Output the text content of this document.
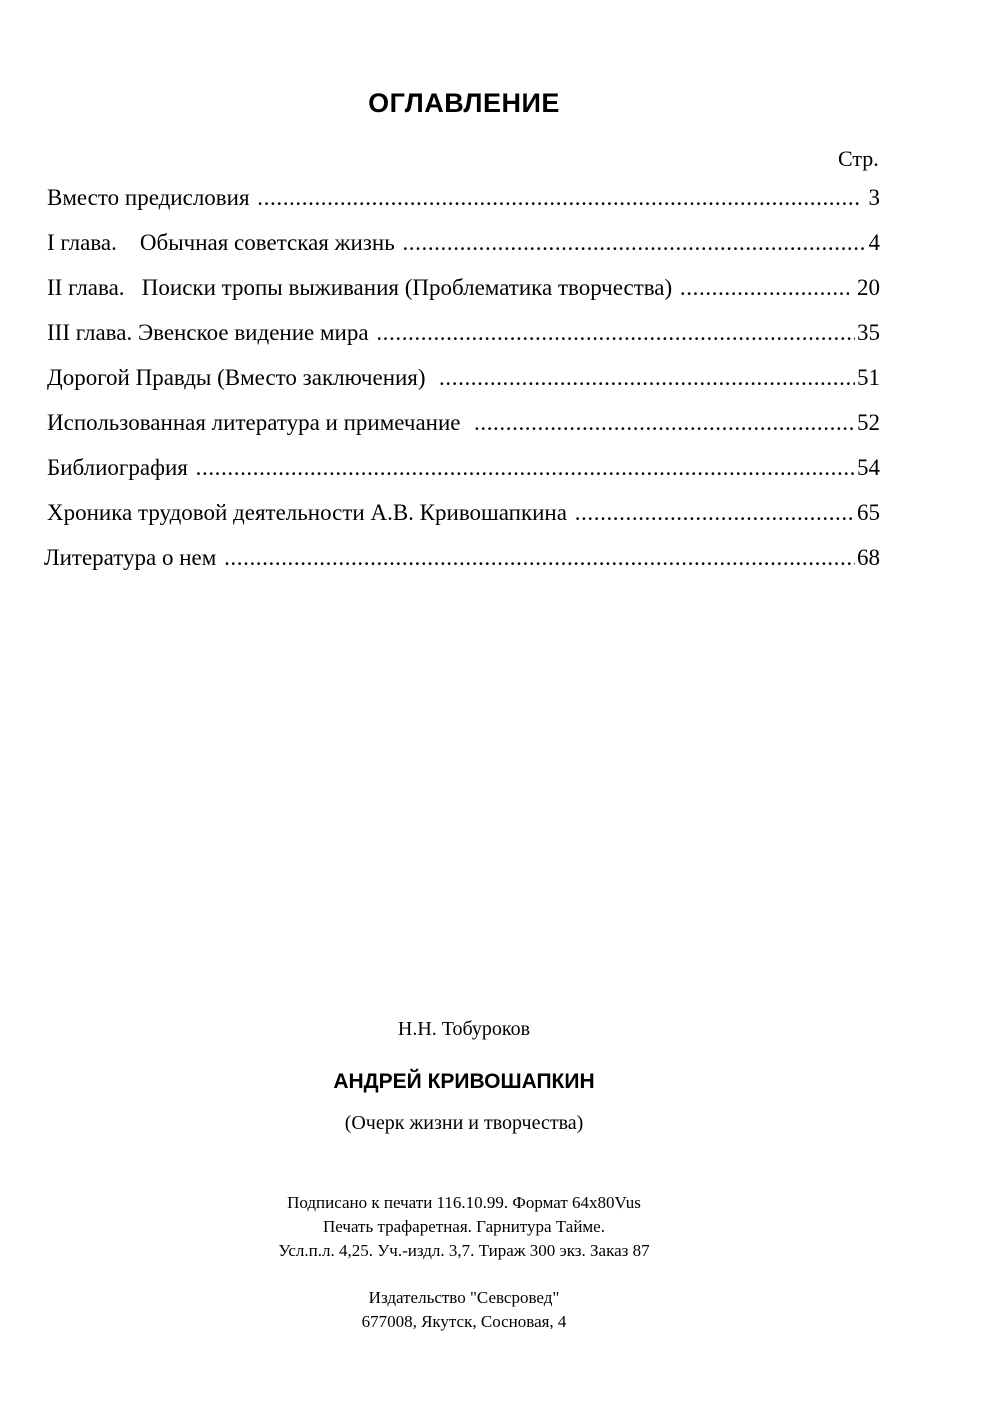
ОГЛАВЛЕНИЕ
Стр.
Вместо предисловия .....	3
I глава.    Обычная советская жизнь .....	4
II глава.   Поиски тропы выживания (Проблематика творчества) .....	20
III глава. Эвенское видение мира .....	35
Дорогой Правды (Вместо заключения) .....	51
Использованная литература и примечание .....	52
Библиография .....	54
Хроника трудовой деятельности А.В. Кривошапкина .....	65
Литература о нем .....	68
Н.Н. Тобуроков
АНДРЕЙ КРИВОШАПКИН
(Очерк жизни и творчества)
Подписано к печати 116.10.99. Формат 64x80Vus
Печать трафаретная. Гарнитура Тайме.
Усл.п.л. 4,25. Уч.-издл. 3,7. Тираж 300 экз. Заказ 87
Издательство "Севсровед"
677008, Якутск, Сосновая, 4
